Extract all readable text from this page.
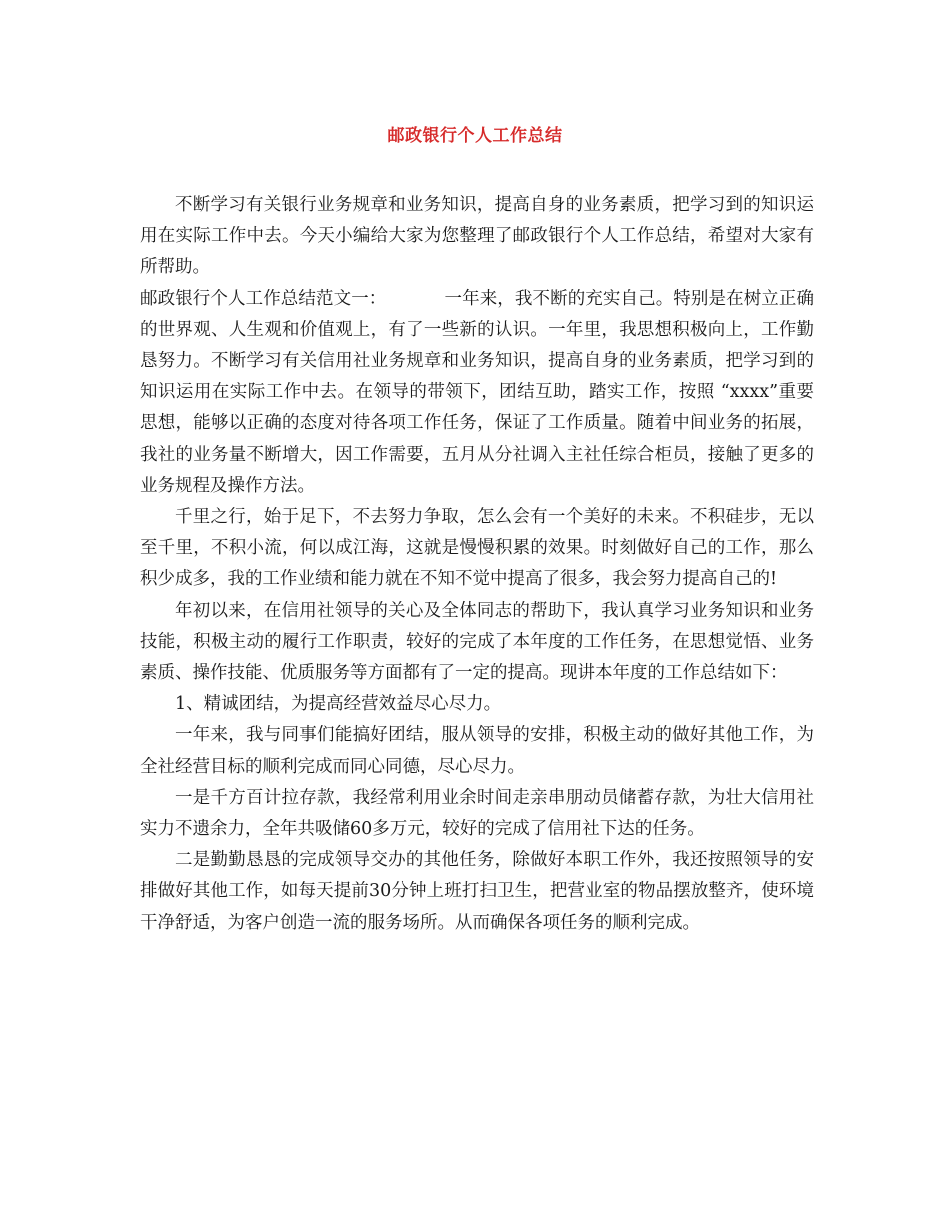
邮政银行个人工作总结

不断学习有关银行业务规章和业务知识，提高自身的业务素质，把学习到的知识运用在实际工作中去。今天小编给大家为您整理了邮政银行个人工作总结，希望对大家有所帮助。

邮政银行个人工作总结范文一：	一年来，我不断的充实自己。特别是在树立正确的世界观、人生观和价值观上，有了一些新的认识。一年里，我思想积极向上，工作勤恳努力。不断学习有关信用社业务规章和业务知识，提高自身的业务素质，把学习到的知识运用在实际工作中去。在领导的带领下，团结互助，踏实工作，按照 “xxxx”重要思想，能够以正确的态度对待各项工作任务，保证了工作质量。随着中间业务的拓展，我社的业务量不断增大，因工作需要，五月从分社调入主社任综合柜员，接触了更多的业务规程及操作方法。

千里之行，始于足下，不去努力争取，怎么会有一个美好的未来。不积硅步，无以至千里，不积小流，何以成江海，这就是慢慢积累的效果。时刻做好自己的工作，那么积少成多，我的工作业绩和能力就在不知不觉中提高了很多，我会努力提高自己的!

年初以来，在信用社领导的关心及全体同志的帮助下，我认真学习业务知识和业务技能，积极主动的履行工作职责，较好的完成了本年度的工作任务，在思想觉悟、业务素质、操作技能、优质服务等方面都有了一定的提高。现讲本年度的工作总结如下：

1、精诚团结，为提高经营效益尽心尽力。

一年来，我与同事们能搞好团结，服从领导的安排，积极主动的做好其他工作，为全社经营目标的顺利完成而同心同德，尽心尽力。

一是千方百计拉存款，我经常利用业余时间走亲串朋动员储蓄存款，为壮大信用社实力不遗余力，全年共吸储60多万元，较好的完成了信用社下达的任务。

二是勤勤恳恳的完成领导交办的其他任务，除做好本职工作外，我还按照领导的安排做好其他工作，如每天提前30分钟上班打扫卫生，把营业室的物品摆放整齐，使环境干净舒适，为客户创造一流的服务场所。从而确保各项任务的顺利完成。
